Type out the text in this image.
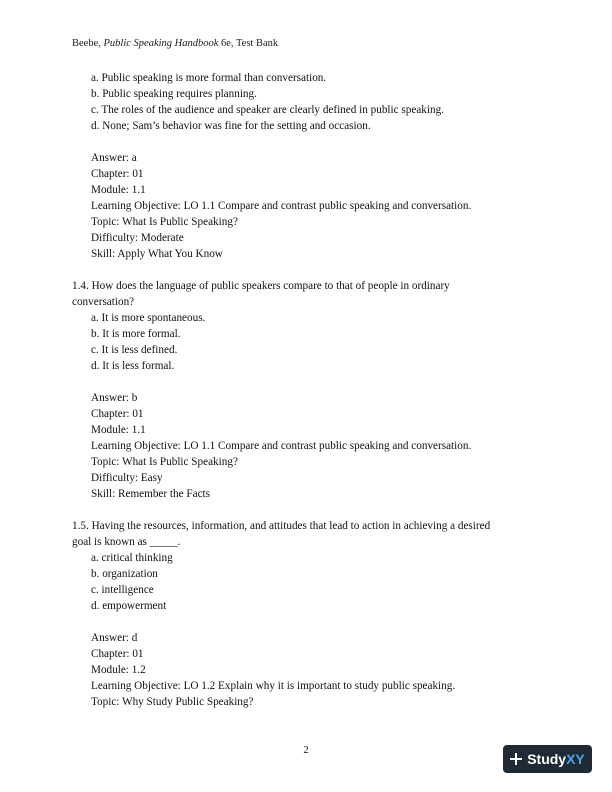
Beebe, Public Speaking Handbook 6e, Test Bank
a. Public speaking is more formal than conversation.
b. Public speaking requires planning.
c. The roles of the audience and speaker are clearly defined in public speaking.
d. None; Sam’s behavior was fine for the setting and occasion.
Answer: a
Chapter: 01
Module: 1.1
Learning Objective: LO 1.1 Compare and contrast public speaking and conversation.
Topic: What Is Public Speaking?
Difficulty: Moderate
Skill: Apply What You Know
1.4. How does the language of public speakers compare to that of people in ordinary
conversation?
a. It is more spontaneous.
b. It is more formal.
c. It is less defined.
d. It is less formal.
Answer: b
Chapter: 01
Module: 1.1
Learning Objective: LO 1.1 Compare and contrast public speaking and conversation.
Topic: What Is Public Speaking?
Difficulty: Easy
Skill: Remember the Facts
1.5. Having the resources, information, and attitudes that lead to action in achieving a desired
goal is known as _____.
a. critical thinking
b. organization
c. intelligence
d. empowerment
Answer: d
Chapter: 01
Module: 1.2
Learning Objective: LO 1.2 Explain why it is important to study public speaking.
Topic: Why Study Public Speaking?
2
StudyXY
